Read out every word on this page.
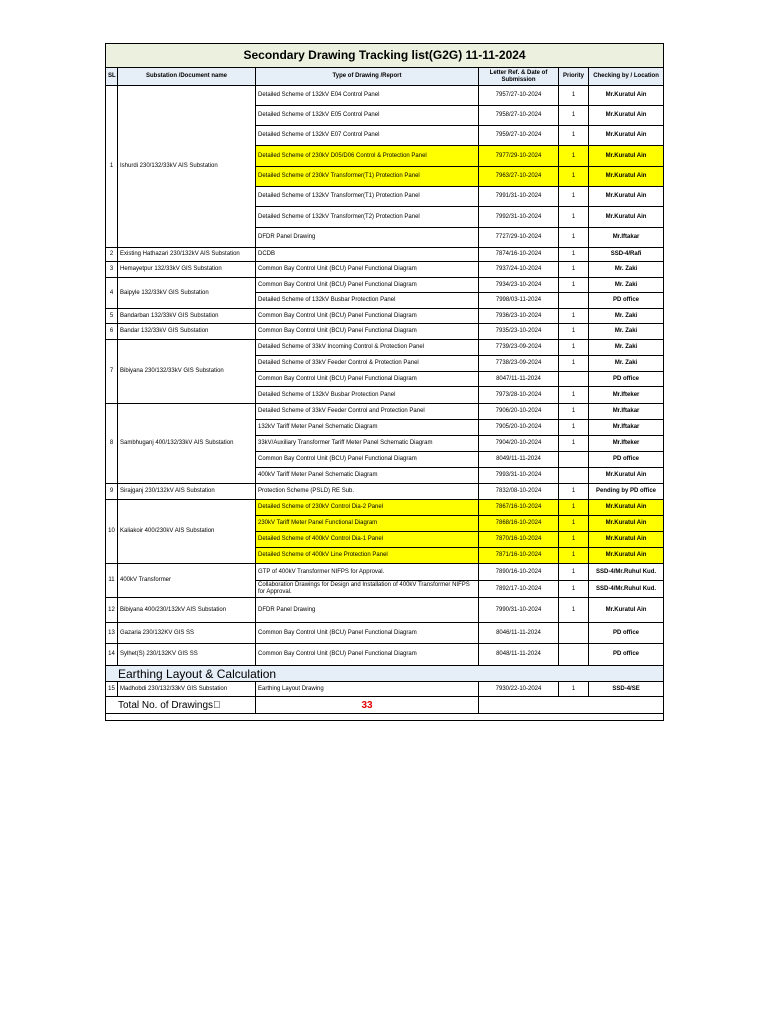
Secondary Drawing Tracking list(G2G) 11-11-2024					
SL	Substation /Document name	Type of Drawing /Report	Letter Ref. & Date of Submission	Priority	Checking by / Location
1	Ishurdi 230/132/33kV AIS Substation	Detailed Scheme of 132kV E04 Control Panel	7957/27-10-2024	1	Mr.Kuratul Ain
		Detailed Scheme of 132kV E05 Control Panel	7958/27-10-2024	1	Mr.Kuratul Ain
		Detailed Scheme of 132kV E07 Control Panel	7959/27-10-2024	1	Mr.Kuratul Ain
		Detailed Scheme of 230kV D05/D06 Control & Protection Panel	7977/29-10-2024	1	Mr.Kuratul Ain
		Detailed Scheme of 230kV Transformer(T1) Protection Panel	7963/27-10-2024	1	Mr.Kuratul Ain
		Detailed Scheme of 132kV Transformer(T1) Protection Panel	7991/31-10-2024	1	Mr.Kuratul Ain
		Detailed Scheme of 132kV Transformer(T2) Protection Panel	7992/31-10-2024	1	Mr.Kuratul Ain
		DFDR Panel Drawing	7727/29-10-2024	1	Mr.Iftakar
2	Existing Hathazari 230/132kV AIS Substation	DCDB	7874/16-10-2024	1	SSD-4/Rafi
3	Hemayetpur 132/33kV GIS Substation	Common Bay Control Unit (BCU) Panel Functional Diagram	7937/24-10-2024	1	Mr. Zaki
4	Baipyle 132/33kV GIS Substation	Common Bay Control Unit (BCU) Panel Functional Diagram	7934/23-10-2024	1	Mr. Zaki
		Detailed Scheme of 132kV Busbar Protection Panel	7998/03-11-2024		PD office
5	Bandarban 132/33kV GIS Substation	Common Bay Control Unit (BCU) Panel Functional Diagram	7936/23-10-2024	1	Mr. Zaki
6	Bandar 132/33kV GIS Substation	Common Bay Control Unit (BCU) Panel Functional Diagram	7935/23-10-2024	1	Mr. Zaki
7	Bibiyana 230/132/33kV GIS Substation	Detailed Scheme of 33kV Incoming Control & Protection Panel	7739/23-09-2024	1	Mr. Zaki
		Detailed Scheme of 33kV Feeder Control & Protection Panel	7738/23-09-2024	1	Mr. Zaki
		Common Bay Control Unit (BCU) Panel Functional Diagram	8047/11-11-2024		PD office
		Detailed Scheme of 132kV Busbar Protection Panel	7973/28-10-2024	1	Mr.Ifteker
8	Sambhuganj 400/132/33kV AIS Substation	Detailed Scheme of 33kV Feeder Control and Protection Panel	7906/20-10-2024	1	Mr.Iftakar
		132kV Tariff Meter Panel Schematic Diagram	7905/20-10-2024	1	Mr.Iftakar
		33kV/Auxiliary Transformer Tariff Meter Panel Schematic Diagram	7904/20-10-2024	1	Mr.Ifteker
		Common Bay Control Unit (BCU) Panel Functional Diagram	8049/11-11-2024		PD office
		400kV Tariff Meter Panel Schematic Diagram	7993/31-10-2024		Mr.Kuratul Ain
9	Sirajganj 230/132kV AIS Substation	Protection Scheme (PSLD) RE Sub.	7832/08-10-2024	1	Pending by PD office
10	Kaliakoir 400/230kV AIS Substation	Detailed Scheme of 230kV Control Dia-2 Panel	7867/16-10-2024	1	Mr.Kuratul Ain
		230kV Tariff Meter Panel Functional Diagram	7868/16-10-2024	1	Mr.Kuratul Ain
		Detailed Scheme of 400kV Control Dia-1 Panel	7870/16-10-2024	1	Mr.Kuratul Ain
		Detailed Scheme of 400kV Line Protection Panel	7871/16-10-2024	1	Mr.Kuratul Ain
11	400kV Transformer	GTP of 400kV Transformer NIFPS for Approval.	7890/16-10-2024	1	SSD-4/Mr.Ruhul Kud.
		Collaboration Drawings for Design and Installation of 400kV Transformer NIFPS for Approval.	7892/17-10-2024	1	SSD-4/Mr.Ruhul Kud.
12	Bibiyana 400/230/132kV AIS Substation	DFDR Panel Drawing	7990/31-10-2024	1	Mr.Kuratul Ain
13	Gazaria 230/132KV GIS SS	Common Bay Control Unit (BCU) Panel Functional Diagram	8046/11-11-2024		PD office
14	Sylhet(S) 230/132KV GIS SS	Common Bay Control Unit (BCU) Panel Functional Diagram	8048/11-11-2024		PD office
Earthing Layout & Calculation					
15	Madhobdi 230/132/33kV GIS Substation	Earthing Layout Drawing	7930/22-10-2024	1	SSD-4/SE
Total No. of Drawings		33			
